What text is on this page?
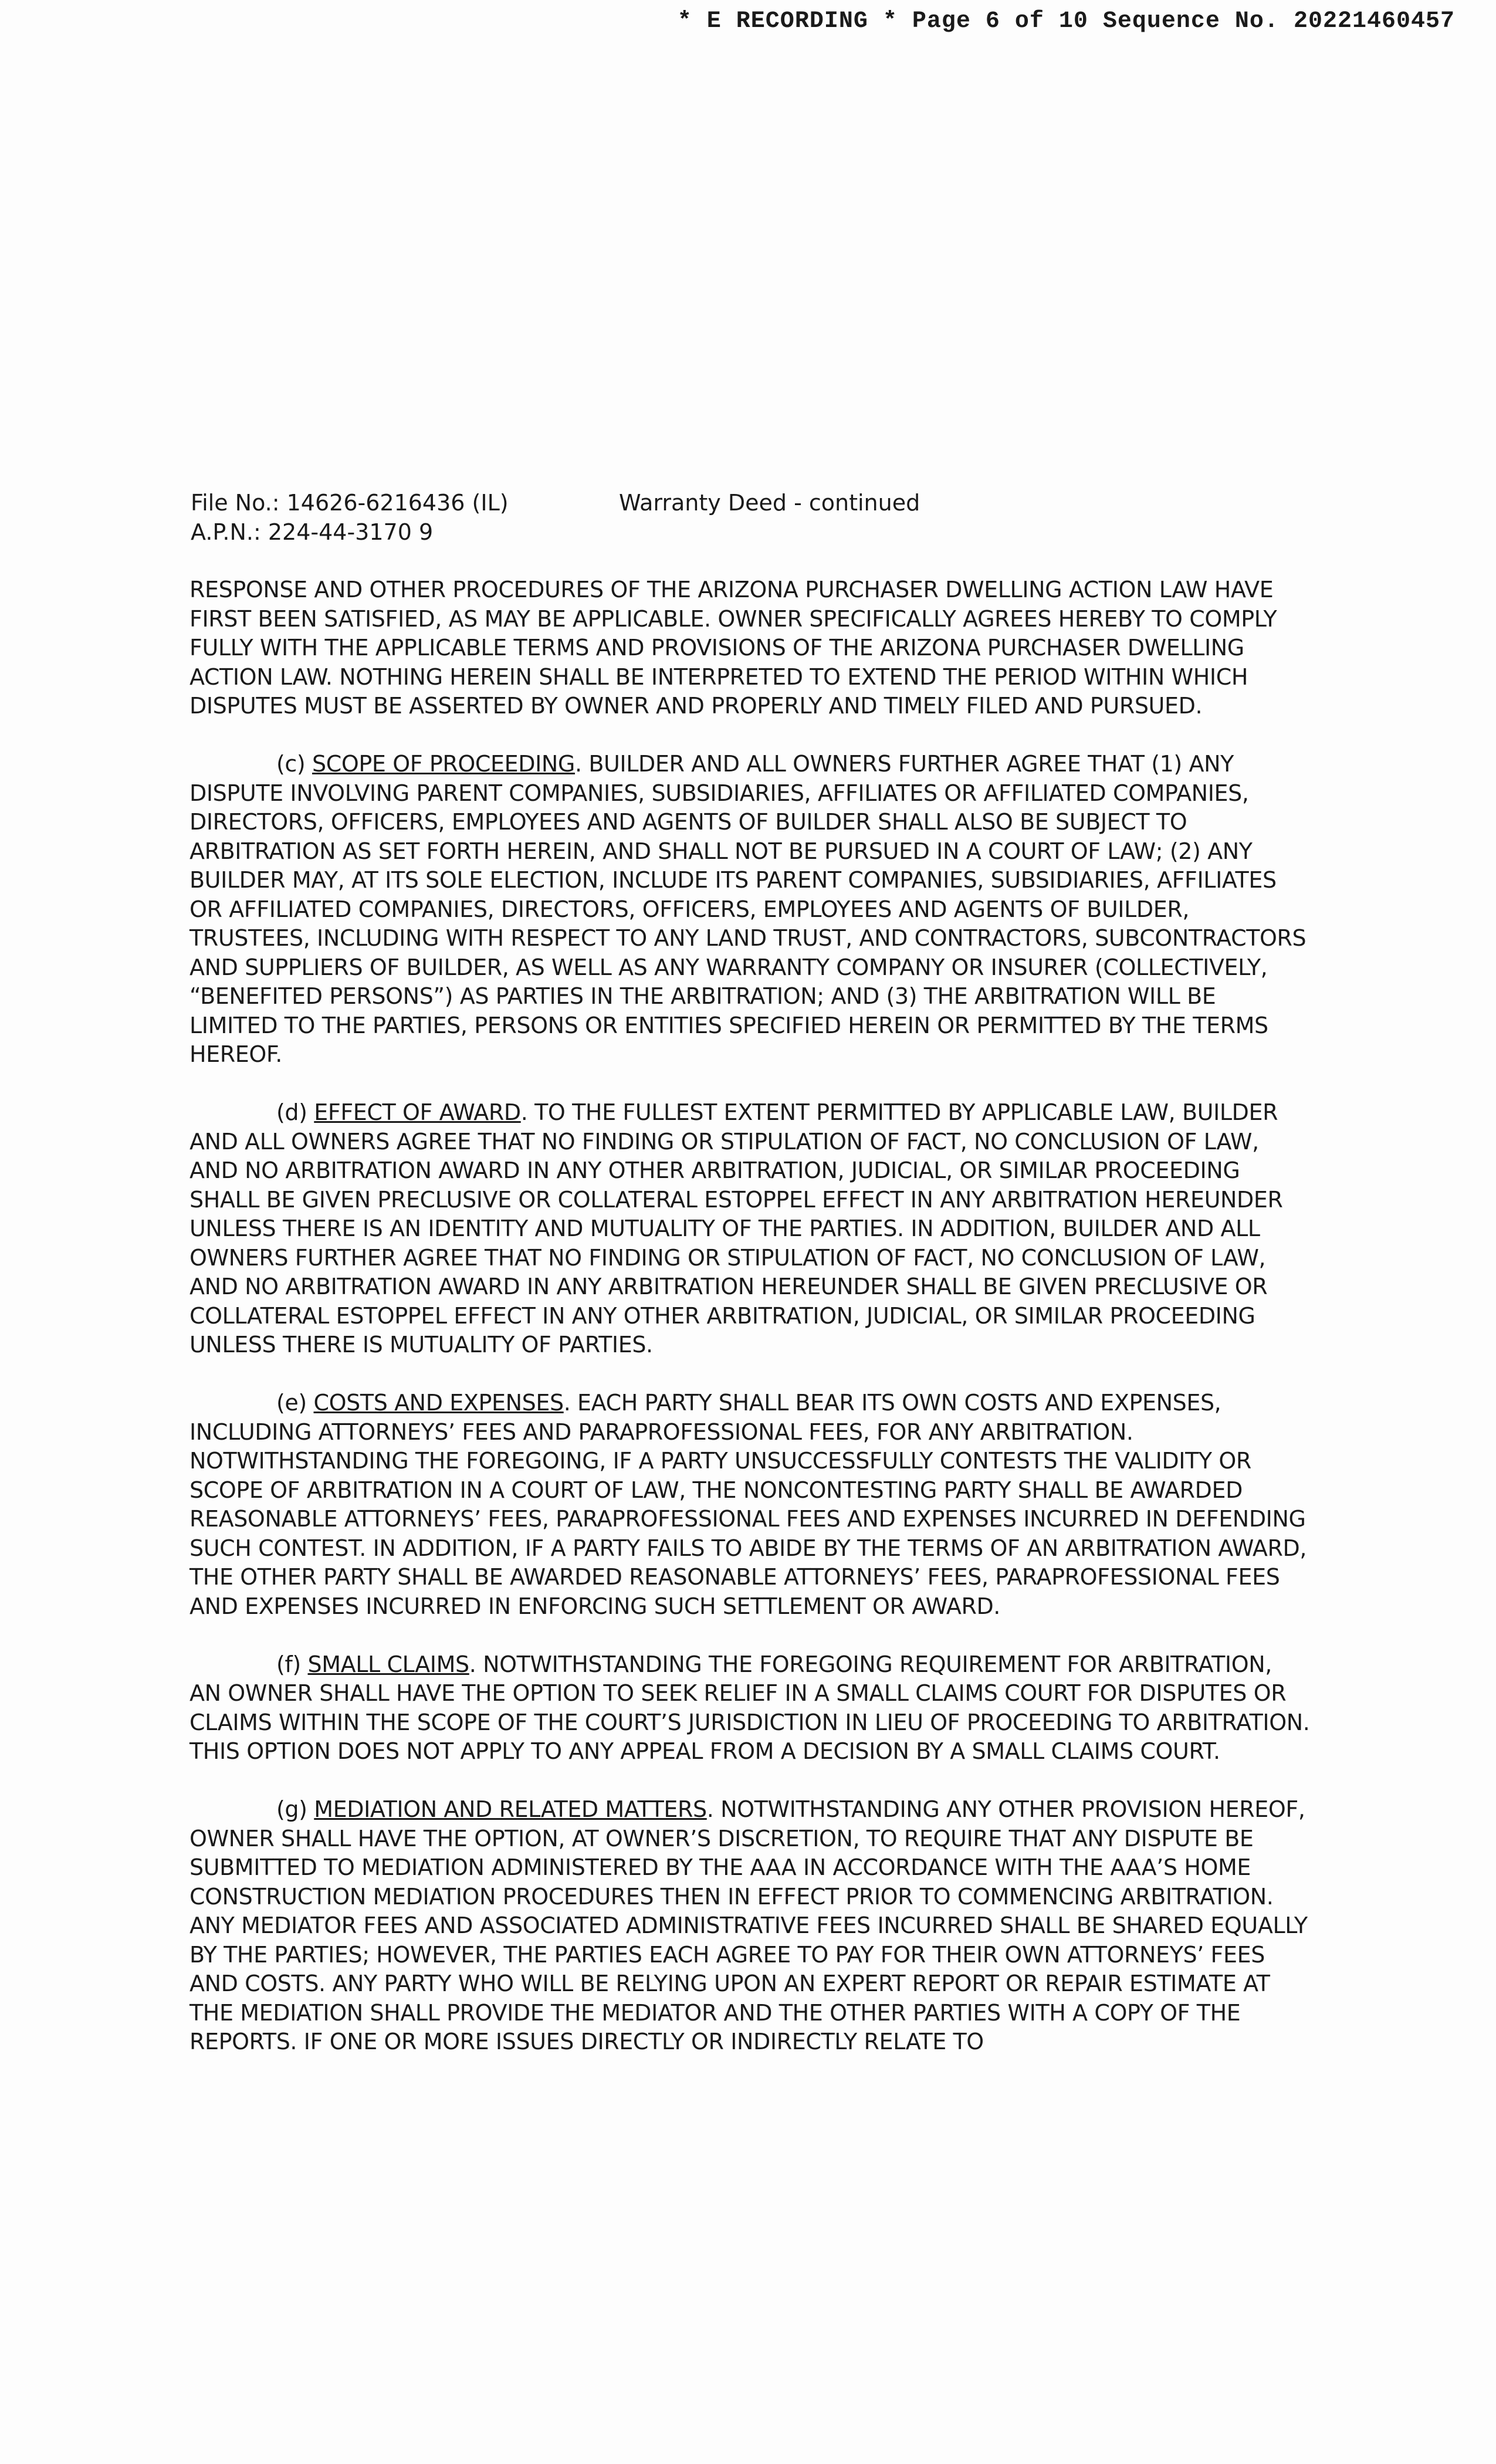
* E RECORDING * Page 6 of 10 Sequence No. 20221460457
File No.: 14626-6216436 (IL)	Warranty Deed - continued
A.P.N.: 224-44-3170 9

RESPONSE AND OTHER PROCEDURES OF THE ARIZONA PURCHASER DWELLING ACTION LAW HAVE FIRST BEEN SATISFIED, AS MAY BE APPLICABLE. OWNER SPECIFICALLY AGREES HEREBY TO COMPLY FULLY WITH THE APPLICABLE TERMS AND PROVISIONS OF THE ARIZONA PURCHASER DWELLING ACTION LAW. NOTHING HEREIN SHALL BE INTERPRETED TO EXTEND THE PERIOD WITHIN WHICH DISPUTES MUST BE ASSERTED BY OWNER AND PROPERLY AND TIMELY FILED AND PURSUED.

(c) SCOPE OF PROCEEDING. BUILDER AND ALL OWNERS FURTHER AGREE THAT (1) ANY DISPUTE INVOLVING PARENT COMPANIES, SUBSIDIARIES, AFFILIATES OR AFFILIATED COMPANIES, DIRECTORS, OFFICERS, EMPLOYEES AND AGENTS OF BUILDER SHALL ALSO BE SUBJECT TO ARBITRATION AS SET FORTH HEREIN, AND SHALL NOT BE PURSUED IN A COURT OF LAW; (2) ANY BUILDER MAY, AT ITS SOLE ELECTION, INCLUDE ITS PARENT COMPANIES, SUBSIDIARIES, AFFILIATES OR AFFILIATED COMPANIES, DIRECTORS, OFFICERS, EMPLOYEES AND AGENTS OF BUILDER, TRUSTEES, INCLUDING WITH RESPECT TO ANY LAND TRUST, AND CONTRACTORS, SUBCONTRACTORS AND SUPPLIERS OF BUILDER, AS WELL AS ANY WARRANTY COMPANY OR INSURER (COLLECTIVELY, “BENEFITED PERSONS”) AS PARTIES IN THE ARBITRATION; AND (3) THE ARBITRATION WILL BE LIMITED TO THE PARTIES, PERSONS OR ENTITIES SPECIFIED HEREIN OR PERMITTED BY THE TERMS HEREOF.

(d) EFFECT OF AWARD. TO THE FULLEST EXTENT PERMITTED BY APPLICABLE LAW, BUILDER AND ALL OWNERS AGREE THAT NO FINDING OR STIPULATION OF FACT, NO CONCLUSION OF LAW, AND NO ARBITRATION AWARD IN ANY OTHER ARBITRATION, JUDICIAL, OR SIMILAR PROCEEDING SHALL BE GIVEN PRECLUSIVE OR COLLATERAL ESTOPPEL EFFECT IN ANY ARBITRATION HEREUNDER UNLESS THERE IS AN IDENTITY AND MUTUALITY OF THE PARTIES. IN ADDITION, BUILDER AND ALL OWNERS FURTHER AGREE THAT NO FINDING OR STIPULATION OF FACT, NO CONCLUSION OF LAW, AND NO ARBITRATION AWARD IN ANY ARBITRATION HEREUNDER SHALL BE GIVEN PRECLUSIVE OR COLLATERAL ESTOPPEL EFFECT IN ANY OTHER ARBITRATION, JUDICIAL, OR SIMILAR PROCEEDING UNLESS THERE IS MUTUALITY OF PARTIES.

(e) COSTS AND EXPENSES. EACH PARTY SHALL BEAR ITS OWN COSTS AND EXPENSES, INCLUDING ATTORNEYS’ FEES AND PARAPROFESSIONAL FEES, FOR ANY ARBITRATION. NOTWITHSTANDING THE FOREGOING, IF A PARTY UNSUCCESSFULLY CONTESTS THE VALIDITY OR SCOPE OF ARBITRATION IN A COURT OF LAW, THE NONCONTESTING PARTY SHALL BE AWARDED REASONABLE ATTORNEYS’ FEES, PARAPROFESSIONAL FEES AND EXPENSES INCURRED IN DEFENDING SUCH CONTEST. IN ADDITION, IF A PARTY FAILS TO ABIDE BY THE TERMS OF AN ARBITRATION AWARD, THE OTHER PARTY SHALL BE AWARDED REASONABLE ATTORNEYS’ FEES, PARAPROFESSIONAL FEES AND EXPENSES INCURRED IN ENFORCING SUCH SETTLEMENT OR AWARD.

(f) SMALL CLAIMS. NOTWITHSTANDING THE FOREGOING REQUIREMENT FOR ARBITRATION, AN OWNER SHALL HAVE THE OPTION TO SEEK RELIEF IN A SMALL CLAIMS COURT FOR DISPUTES OR CLAIMS WITHIN THE SCOPE OF THE COURT’S JURISDICTION IN LIEU OF PROCEEDING TO ARBITRATION. THIS OPTION DOES NOT APPLY TO ANY APPEAL FROM A DECISION BY A SMALL CLAIMS COURT.

(g) MEDIATION AND RELATED MATTERS. NOTWITHSTANDING ANY OTHER PROVISION HEREOF, OWNER SHALL HAVE THE OPTION, AT OWNER’S DISCRETION, TO REQUIRE THAT ANY DISPUTE BE SUBMITTED TO MEDIATION ADMINISTERED BY THE AAA IN ACCORDANCE WITH THE AAA’S HOME CONSTRUCTION MEDIATION PROCEDURES THEN IN EFFECT PRIOR TO COMMENCING ARBITRATION. ANY MEDIATOR FEES AND ASSOCIATED ADMINISTRATIVE FEES INCURRED SHALL BE SHARED EQUALLY BY THE PARTIES; HOWEVER, THE PARTIES EACH AGREE TO PAY FOR THEIR OWN ATTORNEYS’ FEES AND COSTS. ANY PARTY WHO WILL BE RELYING UPON AN EXPERT REPORT OR REPAIR ESTIMATE AT THE MEDIATION SHALL PROVIDE THE MEDIATOR AND THE OTHER PARTIES WITH A COPY OF THE REPORTS. IF ONE OR MORE ISSUES DIRECTLY OR INDIRECTLY RELATE TO
